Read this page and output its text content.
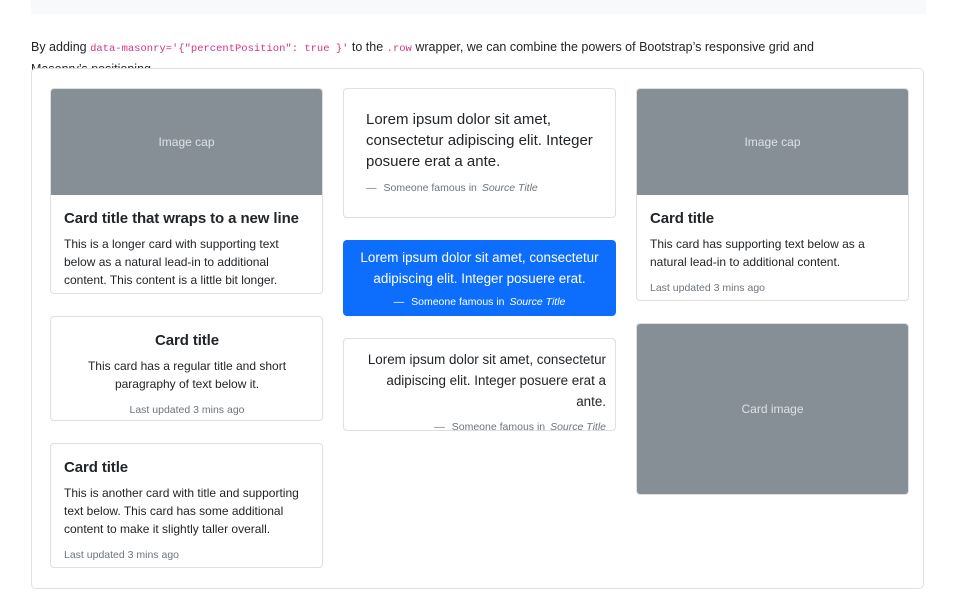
By adding data-masonry='{"percentPosition": true }' to the .row wrapper, we can combine the powers of Bootstrap’s responsive grid and

Image cap
Card title that wraps to a new line

This is a longer card with supporting text below as a natural lead-in to additional content. This content is a little bit longer.

Card title

This card has a regular title and short paragraphy of text below it.

Last updated 3 mins ago
Card title

This is another card with title and supporting text below. This card has some additional content to make it slightly taller overall.

Last updated 3 mins ago
Lorem ipsum dolor sit amet, consectetur adipiscing elit. Integer posuere erat a ante.
— Someone famous in Source Title
Lorem ipsum dolor sit amet, consectetur adipiscing elit. Integer posuere erat.
— Someone famous in Source Title
Lorem ipsum dolor sit amet, consectetur adipiscing elit. Integer posuere erat a ante.
— Someone famous in Source Title
Image cap
Card title

This card has supporting text below as a natural lead-in to additional content.

Last updated 3 mins ago
Card image
